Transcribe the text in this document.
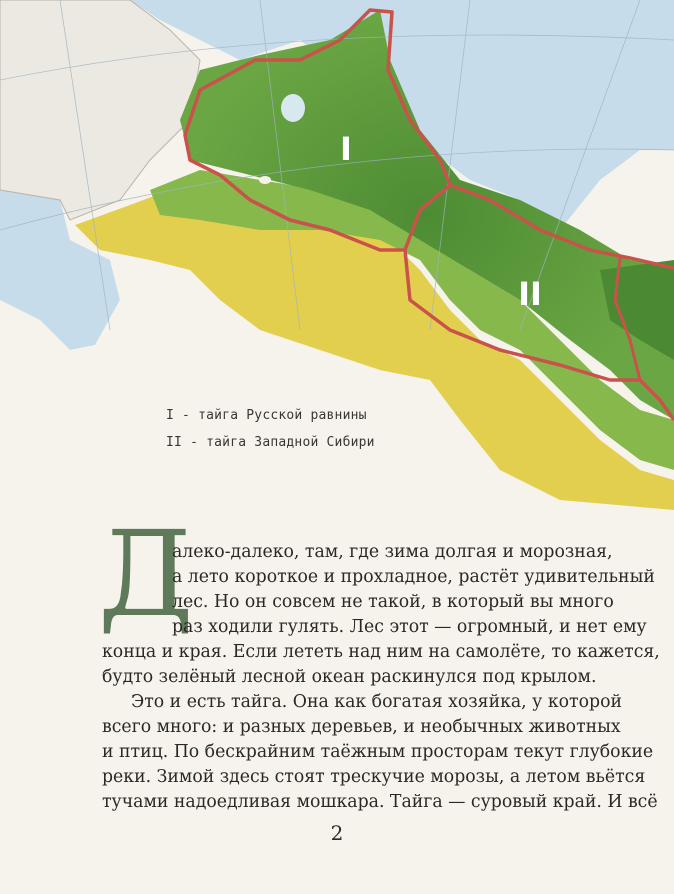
I
II
I - тайга Русской равнины
II - тайга Западной Сибири
Д
алеко-далеко, там, где зима долгая и морозная,
а лето короткое и прохладное, растёт удивительный
лес. Но он совсем не такой, в который вы много
раз ходили гулять. Лес этот — огромный, и нет ему
конца и края. Если лететь над ним на самолёте, то кажется,
будто зелёный лесной океан раскинулся под крылом.
Это и есть тайга. Она как богатая хозяйка, у которой
всего много: и разных деревьев, и необычных животных
и птиц. По бескрайним таёжным просторам текут глубокие
реки. Зимой здесь стоят трескучие морозы, а летом вьётся
тучами надоедливая мошкара. Тайга — суровый край. И всё
2
